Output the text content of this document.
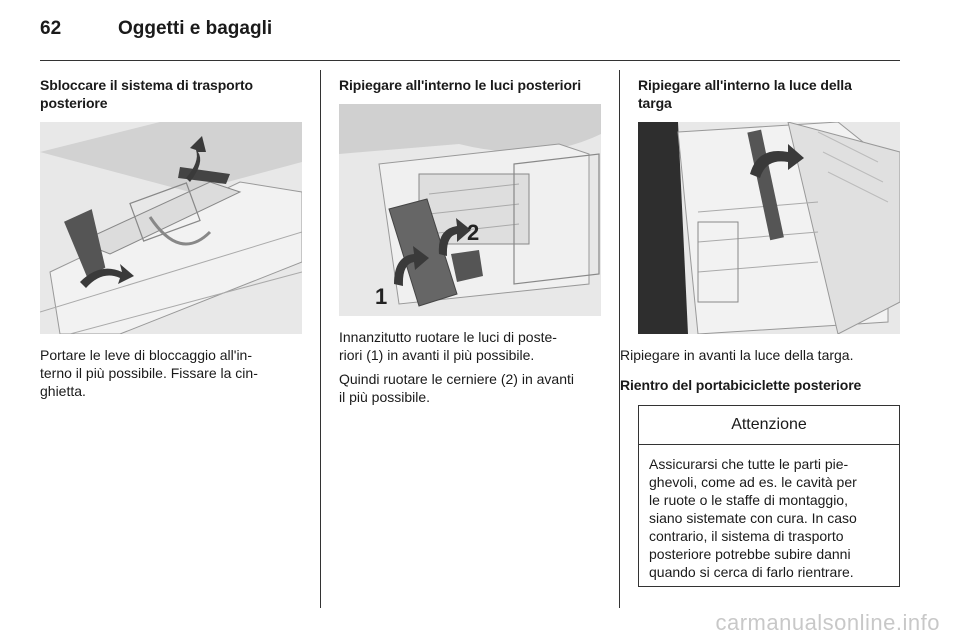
62	Oggetti e bagagli
Sbloccare il sistema di trasporto
posteriore

Portare le leve di bloccaggio all'in-
terno il più possibile. Fissare la cin-
ghietta.

Ripiegare all'interno le luci posteriori
1
2

Innanzitutto ruotare le luci di poste-
riori (1) in avanti il più possibile.

Quindi ruotare le cerniere (2) in avanti
il più possibile.

Ripiegare all'interno la luce della
targa

Ripiegare in avanti la luce della targa.

Rientro del portabiciclette posteriore
Attenzione
Assicurarsi che tutte le parti pie-
ghevoli, come ad es. le cavità per
le ruote o le staffe di montaggio,
siano sistemate con cura. In caso
contrario, il sistema di trasporto
posteriore potrebbe subire danni
quando si cerca di farlo rientrare.
carmanualsonline.info
